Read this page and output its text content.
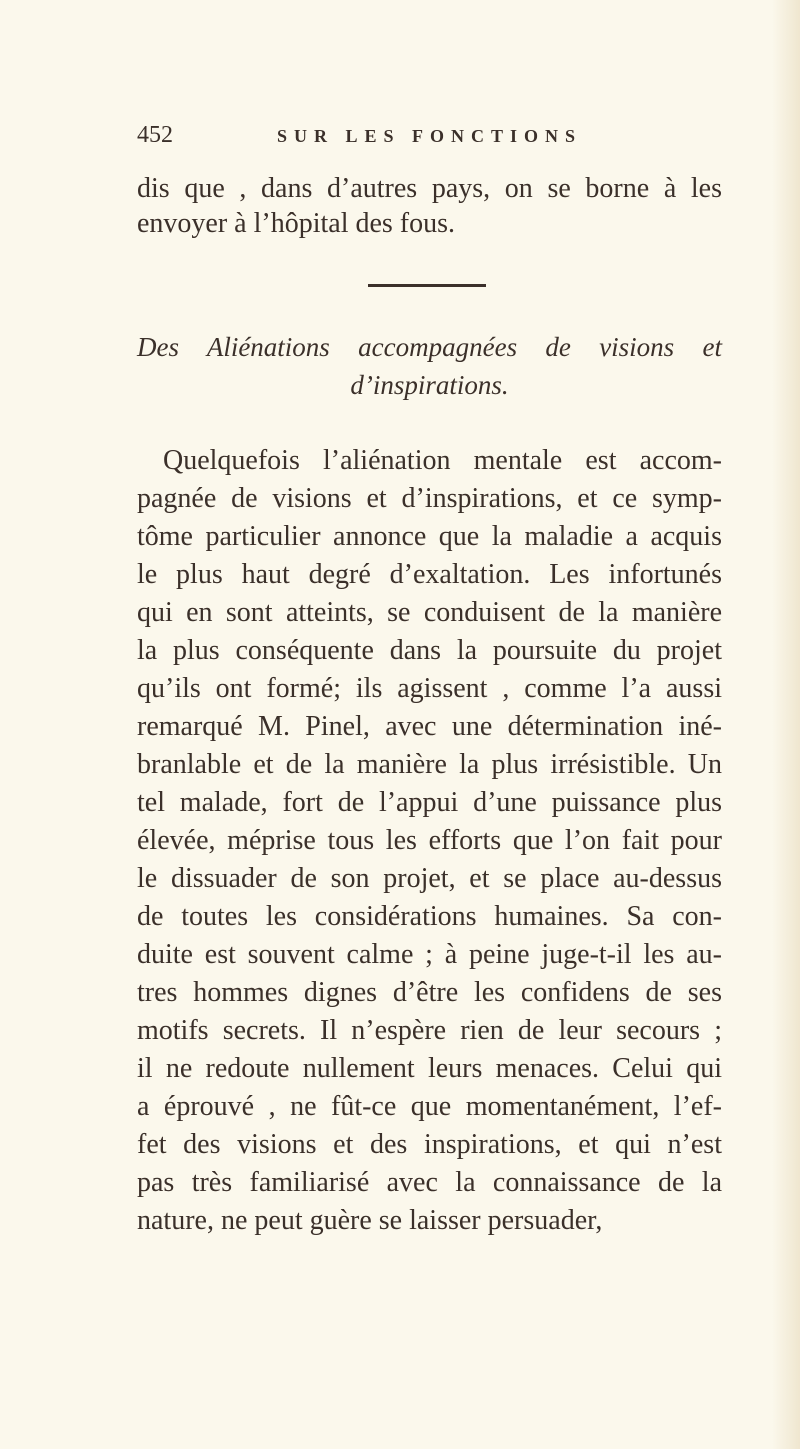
452	SUR LES FONCTIONS
dis que , dans d’autres pays, on se borne à les
envoyer à l’hôpital des fous.
Des Aliénations accompagnées de visions et
d’inspirations.
Quelquefois l’aliénation mentale est accom-
pagnée de visions et d’inspirations, et ce symp-
tôme particulier annonce que la maladie a acquis
le plus haut degré d’exaltation. Les infortunés
qui en sont atteints, se conduisent de la manière
la plus conséquente dans la poursuite du projet
qu’ils ont formé; ils agissent , comme l’a aussi
remarqué M. Pinel, avec une détermination iné-
branlable et de la manière la plus irrésistible. Un
tel malade, fort de l’appui d’une puissance plus
élevée, méprise tous les efforts que l’on fait pour
le dissuader de son projet, et se place au-dessus
de toutes les considérations humaines. Sa con-
duite est souvent calme ; à peine juge-t-il les au-
tres hommes dignes d’être les confidens de ses
motifs secrets. Il n’espère rien de leur secours ;
il ne redoute nullement leurs menaces. Celui qui
a éprouvé , ne fût-ce que momentanément, l’ef-
fet des visions et des inspirations, et qui n’est
pas très familiarisé avec la connaissance de la
nature, ne peut guère se laisser persuader,
